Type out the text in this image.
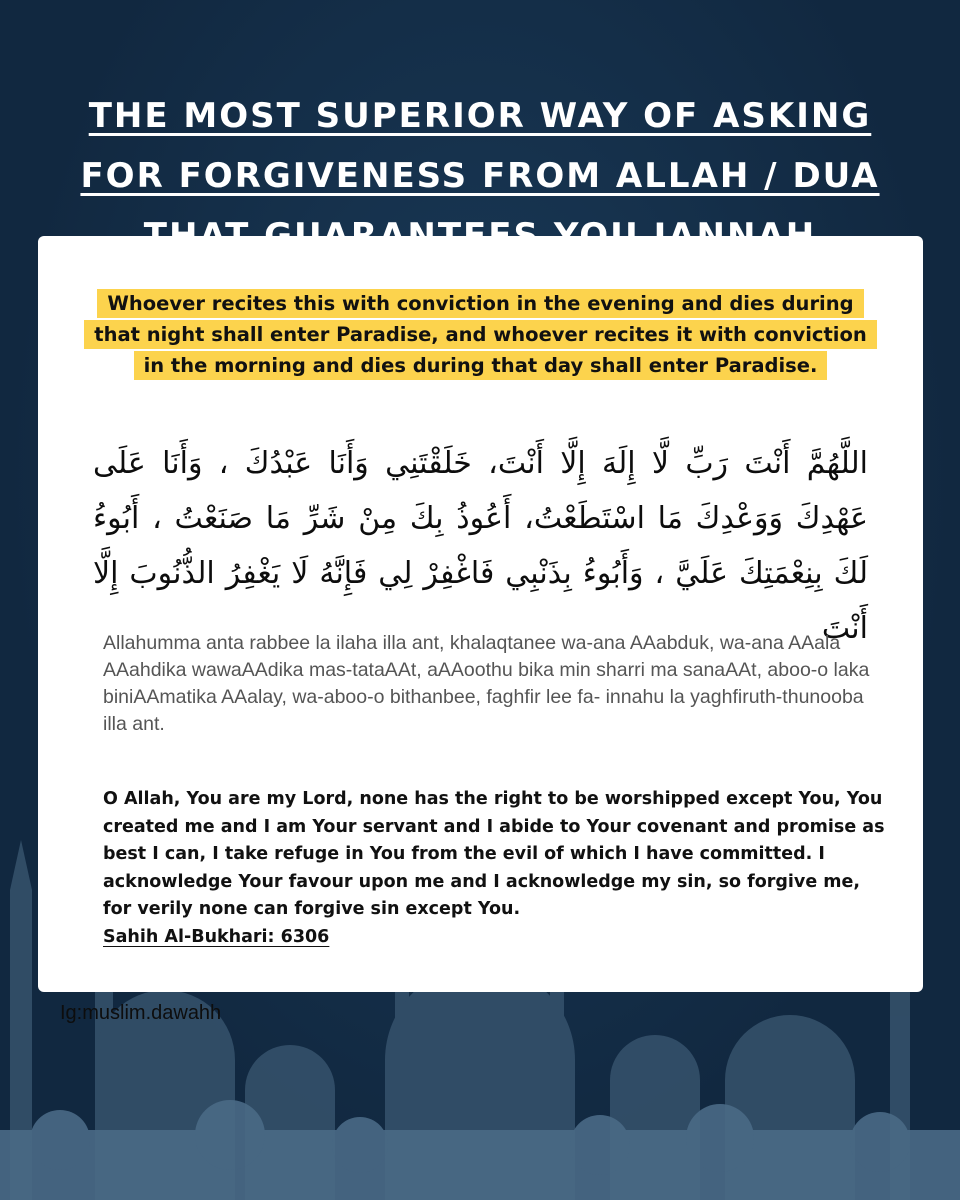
THE MOST SUPERIOR WAY OF ASKING
FOR FORGIVENESS FROM ALLAH / DUA
Whoever recites this with conviction in the evening and dies during that night shall enter Paradise, and whoever recites it with conviction in the morning and dies during that day shall enter Paradise.
اللَّهُمَّ أَنْتَ رَبِّ لَّا إِلَهَ إِلَّا أَنْتَ، خَلَقْتَنِي وَأَنَا عَبْدُكَ ، وَأَنَا عَلَى عَهْدِكَ وَوَعْدِكَ مَا اسْتَطَعْتُ، أَعُوذُ بِكَ مِنْ شَرِّ مَا صَنَعْتُ ، أَبُوءُ لَكَ بِنِعْمَتِكَ عَلَيَّ ، وَأَبُوءُ بِذَنْبِي فَاغْفِرْ لِي فَإِنَّهُ لَا يَغْفِرُ الذُّنُوبَ إِلَّا أَنْتَ
Allahumma anta rabbee la ilaha illa ant, khalaqtanee wa-ana AAabduk, wa-ana AAala AAahdika wawaAAdika mas-tataAAt, aAAoothu bika min sharri ma sanaAAt, aboo-o laka biniAAmatika AAalay, wa-aboo-o bithanbee, faghfir lee fa- innahu la yaghfiruth-thunooba illa ant.
O Allah, You are my Lord, none has the right to be worshipped except You, You created me and I am Your servant and I abide to Your covenant and promise as best I can, I take refuge in You from the evil of which I have committed. I acknowledge Your favour upon me and I acknowledge my sin, so forgive me, for verily none can forgive sin except You.
Sahih Al-Bukhari: 6306
Ig:muslim.dawahh
